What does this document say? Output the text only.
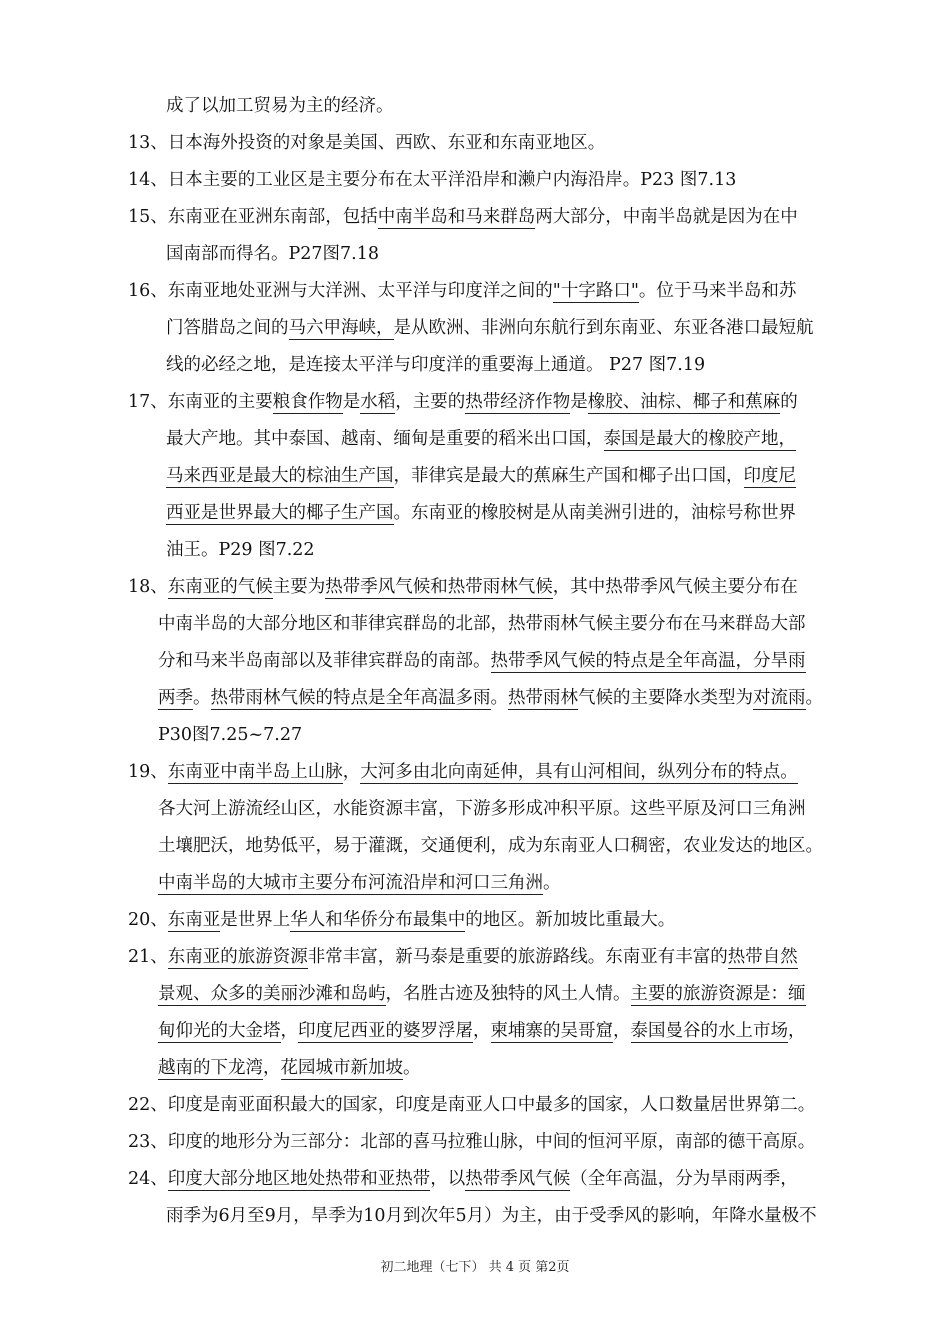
成了以加工贸易为主的经济。
13、日本海外投资的对象是美国、西欧、东亚和东南亚地区。
14、日本主要的工业区是主要分布在太平洋沿岸和濑户内海沿岸。P23 图7.13
15、东南亚在亚洲东南部，包括中南半岛和马来群岛两大部分，中南半岛就是因为在中
国南部而得名。P27图7.18
16、东南亚地处亚洲与大洋洲、太平洋与印度洋之间的"十字路口"。位于马来半岛和苏
门答腊岛之间的马六甲海峡，是从欧洲、非洲向东航行到东南亚、东亚各港口最短航
线的必经之地，是连接太平洋与印度洋的重要海上通道。 P27 图7.19
17、东南亚的主要粮食作物是水稻，主要的热带经济作物是橡胶、油棕、椰子和蕉麻的
最大产地。其中泰国、越南、缅甸是重要的稻米出口国，泰国是最大的橡胶产地，
马来西亚是最大的棕油生产国，菲律宾是最大的蕉麻生产国和椰子出口国，印度尼
西亚是世界最大的椰子生产国。东南亚的橡胶树是从南美洲引进的，油棕号称世界
油王。P29 图7.22
18、东南亚的气候主要为热带季风气候和热带雨林气候，其中热带季风气候主要分布在
中南半岛的大部分地区和菲律宾群岛的北部，热带雨林气候主要分布在马来群岛大部
分和马来半岛南部以及菲律宾群岛的南部。热带季风气候的特点是全年高温，分旱雨
两季。热带雨林气候的特点是全年高温多雨。热带雨林气候的主要降水类型为对流雨。
P30图7.25~7.27
19、东南亚中南半岛上山脉，大河多由北向南延伸，具有山河相间，纵列分布的特点。
各大河上游流经山区，水能资源丰富，下游多形成冲积平原。这些平原及河口三角洲
土壤肥沃，地势低平，易于灌溉，交通便利，成为东南亚人口稠密，农业发达的地区。
中南半岛的大城市主要分布河流沿岸和河口三角洲。
20、东南亚是世界上华人和华侨分布最集中的地区。新加坡比重最大。
21、东南亚的旅游资源非常丰富，新马泰是重要的旅游路线。东南亚有丰富的热带自然
景观、众多的美丽沙滩和岛屿，名胜古迹及独特的风土人情。主要的旅游资源是：缅
甸仰光的大金塔，印度尼西亚的婆罗浮屠，柬埔寨的吴哥窟，泰国曼谷的水上市场，
越南的下龙湾，花园城市新加坡。
22、印度是南亚面积最大的国家，印度是南亚人口中最多的国家，人口数量居世界第二。
23、印度的地形分为三部分：北部的喜马拉雅山脉，中间的恒河平原，南部的德干高原。
24、印度大部分地区地处热带和亚热带，以热带季风气候（全年高温，分为旱雨两季，
雨季为6月至9月，旱季为10月到次年5月）为主，由于受季风的影响，年降水量极不
初二地理（七下） 共 4 页 第2页
